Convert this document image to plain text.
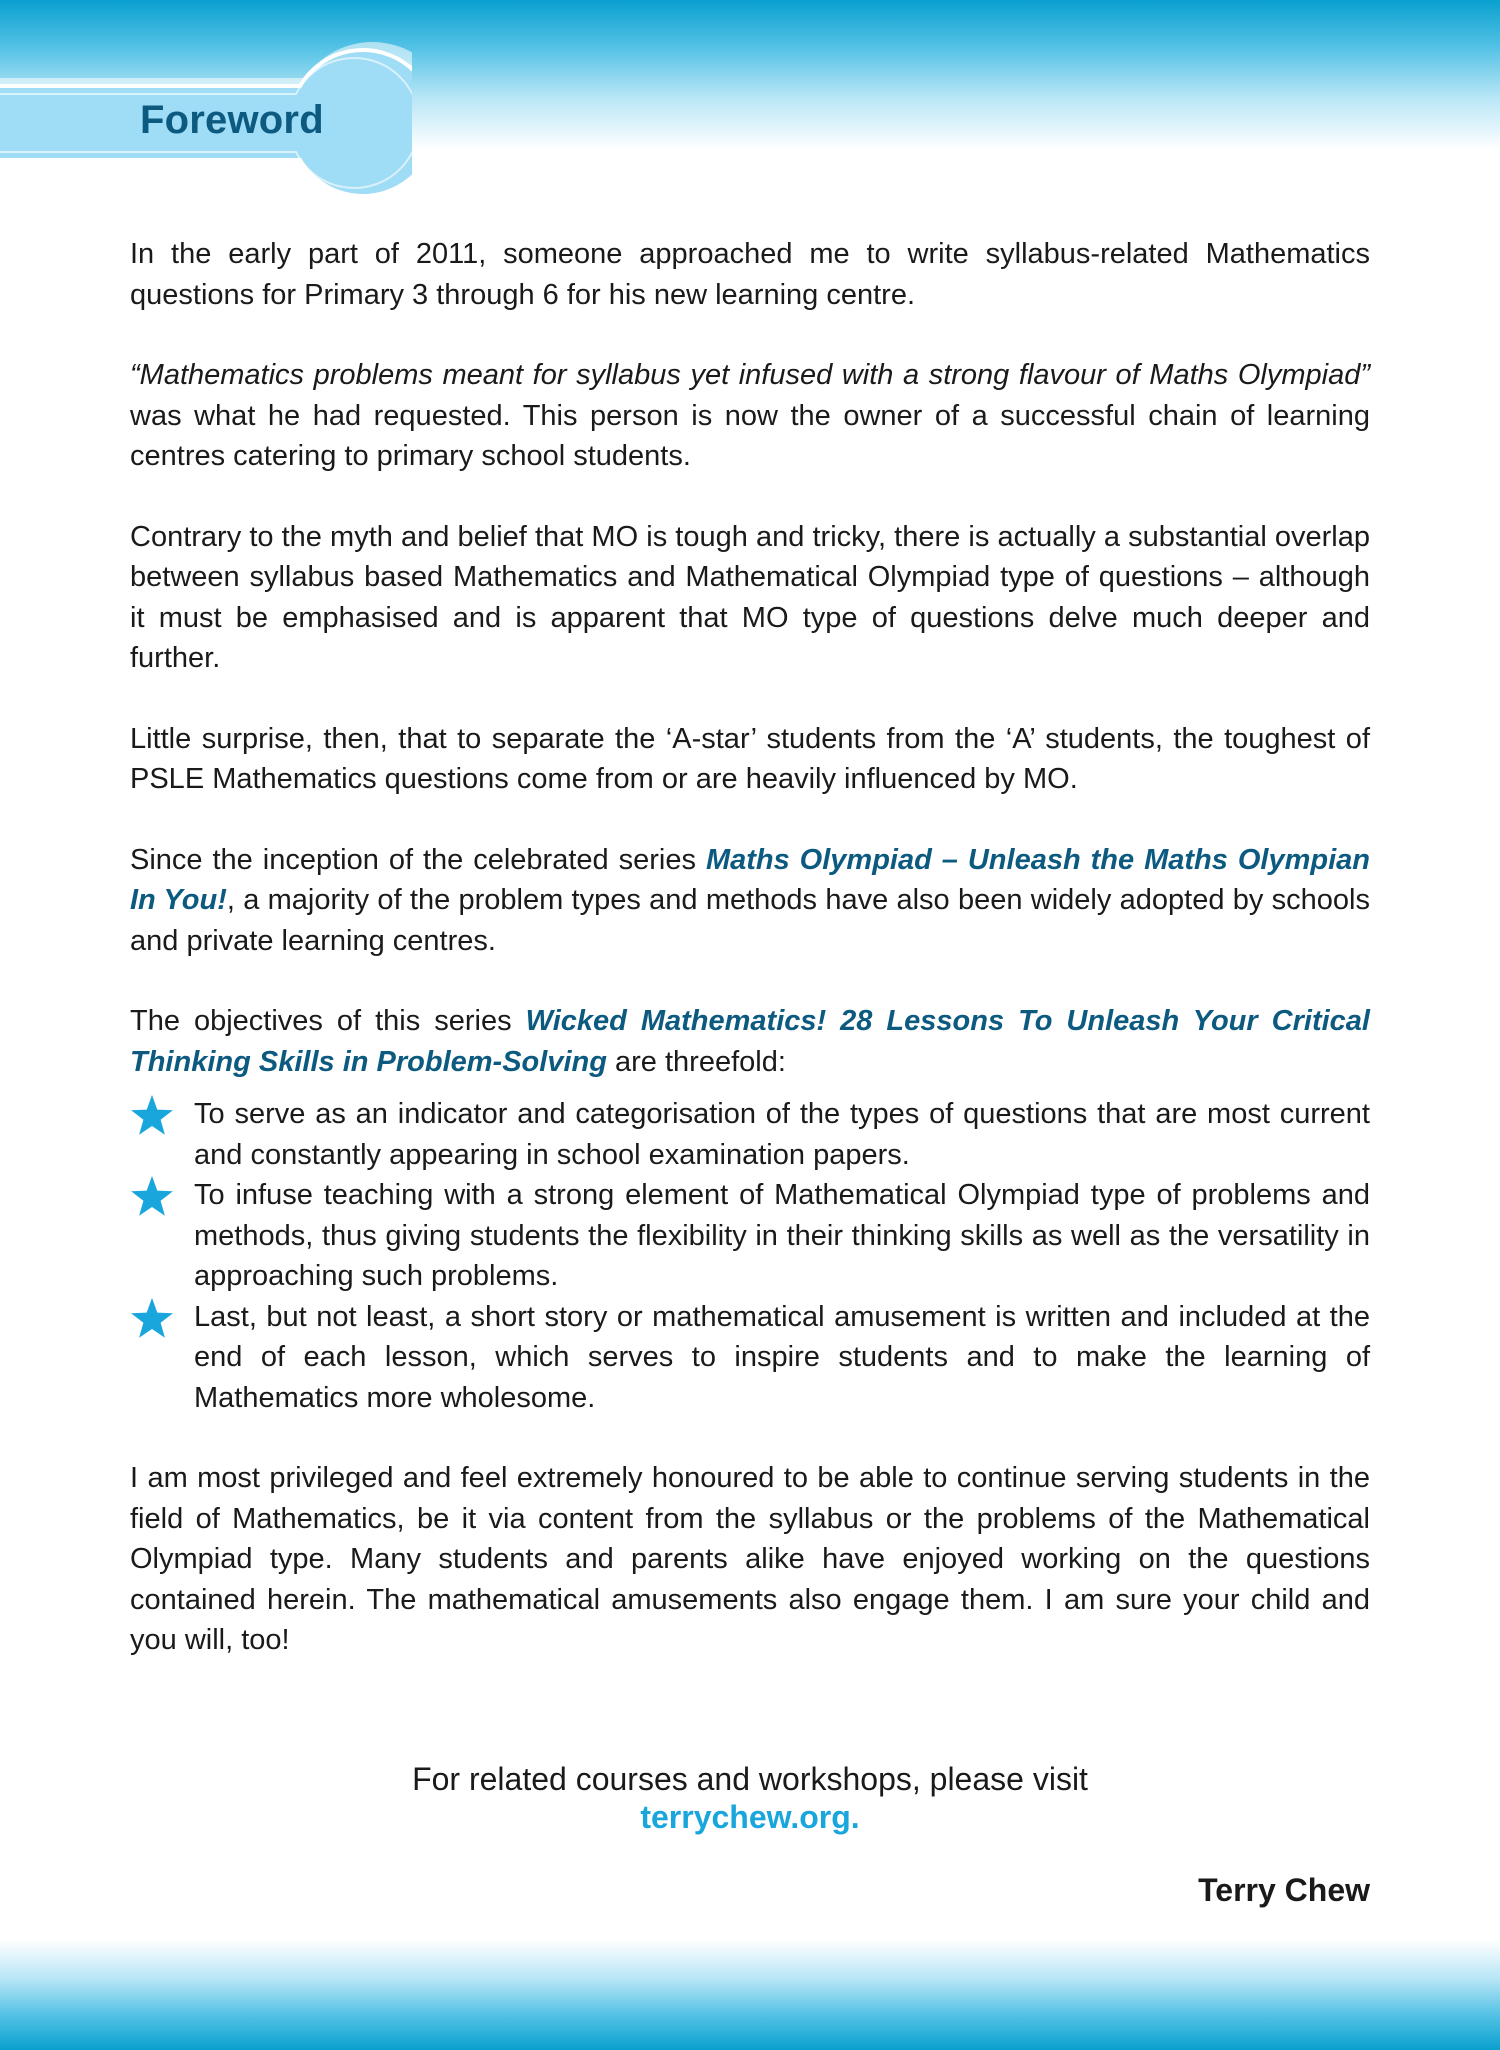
Foreword

In the early part of 2011, someone approached me to write syllabus-related Mathematics questions for Primary 3 through 6 for his new learning centre.

“Mathematics problems meant for syllabus yet infused with a strong flavour of Maths Olympiad” was what he had requested. This person is now the owner of a successful chain of learning centres catering to primary school students.

Contrary to the myth and belief that MO is tough and tricky, there is actually a substantial overlap between syllabus based Mathematics and Mathematical Olympiad type of questions – although it must be emphasised and is apparent that MO type of questions delve much deeper and further.

Little surprise, then, that to separate the ‘A-star’ students from the ‘A’ students, the toughest of PSLE Mathematics questions come from or are heavily influenced by MO.

Since the inception of the celebrated series Maths Olympiad – Unleash the Maths Olympian In You!, a majority of the problem types and methods have also been widely adopted by schools and private learning centres.

The objectives of this series Wicked Mathematics! 28 Lessons To Unleash Your Critical Thinking Skills in Problem-Solving are threefold:

To serve as an indicator and categorisation of the types of questions that are most current and constantly appearing in school examination papers.
To infuse teaching with a strong element of Mathematical Olympiad type of problems and methods, thus giving students the flexibility in their thinking skills as well as the versatility in approaching such problems.
Last, but not least, a short story or mathematical amusement is written and included at the end of each lesson, which serves to inspire students and to make the learning of Mathematics more wholesome.

I am most privileged and feel extremely honoured to be able to continue serving students in the field of Mathematics, be it via content from the syllabus or the problems of the Mathematical Olympiad type. Many students and parents alike have enjoyed working on the questions contained herein. The mathematical amusements also engage them. I am sure your child and you will, too!

For related courses and workshops, please visit
terrychew.org.
Terry Chew
